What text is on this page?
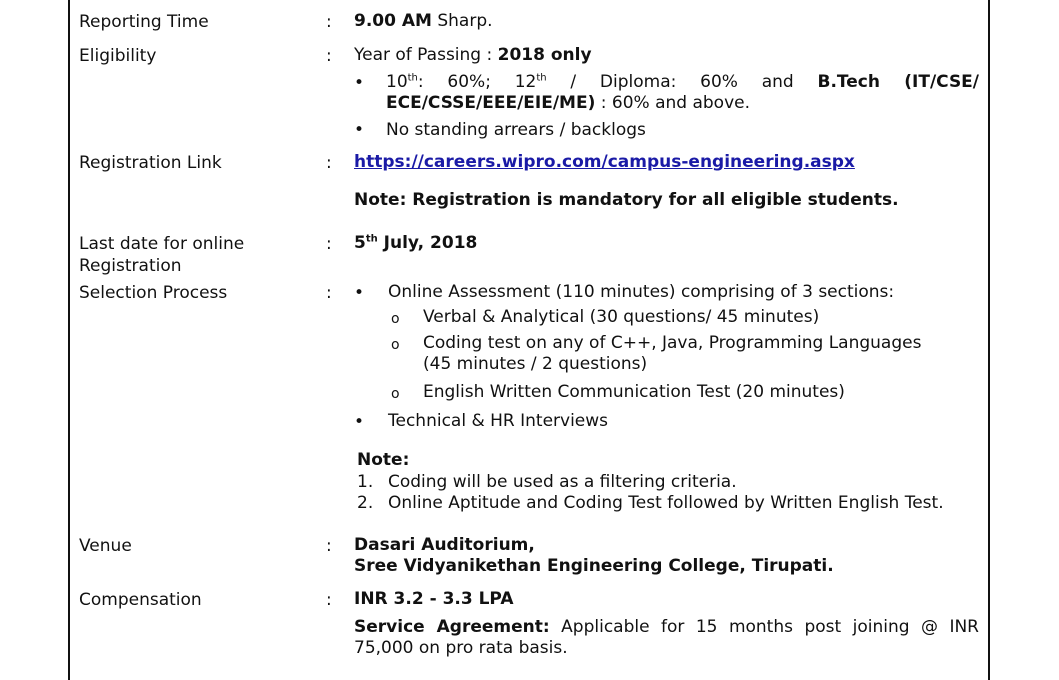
Reporting Time	: 9.00 AM Sharp.
Eligibility	: Year of Passing : 2018 only
• 10th: 60%; 12th / Diploma: 60% and B.Tech (IT/CSE/ ECE/CSSE/EEE/EIE/ME) : 60% and above.
• No standing arrears / backlogs
Registration Link	: https://careers.wipro.com/campus-engineering.aspx
Note: Registration is mandatory for all eligible students.
Last date for online
Registration
: 5th July, 2018
Selection Process	: • Online Assessment (110 minutes) comprising of 3 sections:
o Verbal & Analytical (30 questions/ 45 minutes)
o Coding test on any of C++, Java, Programming Languages
(45 minutes / 2 questions)
o English Written Communication Test (20 minutes)
• Technical & HR Interviews
Note:
1. Coding will be used as a filtering criteria.
2. Online Aptitude and Coding Test followed by Written English Test.
Venue	: Dasari Auditorium,
Sree Vidyanikethan Engineering College, Tirupati.
Compensation	: INR 3.2 - 3.3 LPA
Service Agreement: Applicable for 15 months post joining @ INR 75,000 on pro rata basis.
